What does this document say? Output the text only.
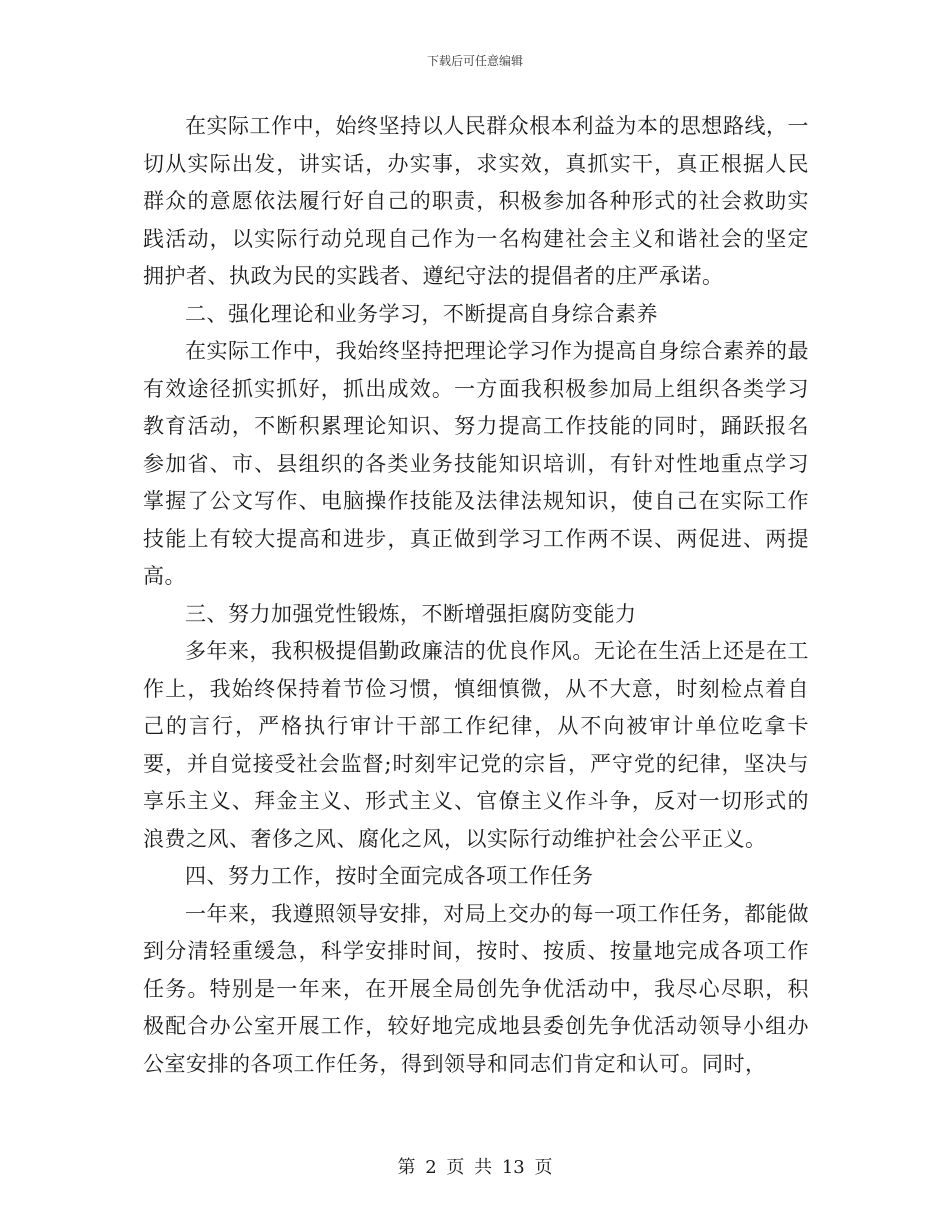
下载后可任意编辑

在实际工作中，始终坚持以人民群众根本利益为本的思想路线，一切从实际出发，讲实话，办实事，求实效，真抓实干，真正根据人民群众的意愿依法履行好自己的职责，积极参加各种形式的社会救助实践活动，以实际行动兑现自己作为一名构建社会主义和谐社会的坚定拥护者、执政为民的实践者、遵纪守法的提倡者的庄严承诺。

二、强化理论和业务学习，不断提高自身综合素养

在实际工作中，我始终坚持把理论学习作为提高自身综合素养的最有效途径抓实抓好，抓出成效。一方面我积极参加局上组织各类学习教育活动，不断积累理论知识、努力提高工作技能的同时，踊跃报名参加省、市、县组织的各类业务技能知识培训，有针对性地重点学习掌握了公文写作、电脑操作技能及法律法规知识，使自己在实际工作技能上有较大提高和进步，真正做到学习工作两不误、两促进、两提高。

三、努力加强党性锻炼，不断增强拒腐防变能力

多年来，我积极提倡勤政廉洁的优良作风。无论在生活上还是在工作上，我始终保持着节俭习惯，慎细慎微，从不大意，时刻检点着自己的言行，严格执行审计干部工作纪律，从不向被审计单位吃拿卡要，并自觉接受社会监督;时刻牢记党的宗旨，严守党的纪律，坚决与享乐主义、拜金主义、形式主义、官僚主义作斗争，反对一切形式的浪费之风、奢侈之风、腐化之风，以实际行动维护社会公平正义。

四、努力工作，按时全面完成各项工作任务

一年来，我遵照领导安排，对局上交办的每一项工作任务，都能做到分清轻重缓急，科学安排时间，按时、按质、按量地完成各项工作任务。特别是一年来，在开展全局创先争优活动中，我尽心尽职，积极配合办公室开展工作，较好地完成地县委创先争优活动领导小组办公室安排的各项工作任务，得到领导和同志们肯定和认可。同时，

第 2 页 共 13 页
